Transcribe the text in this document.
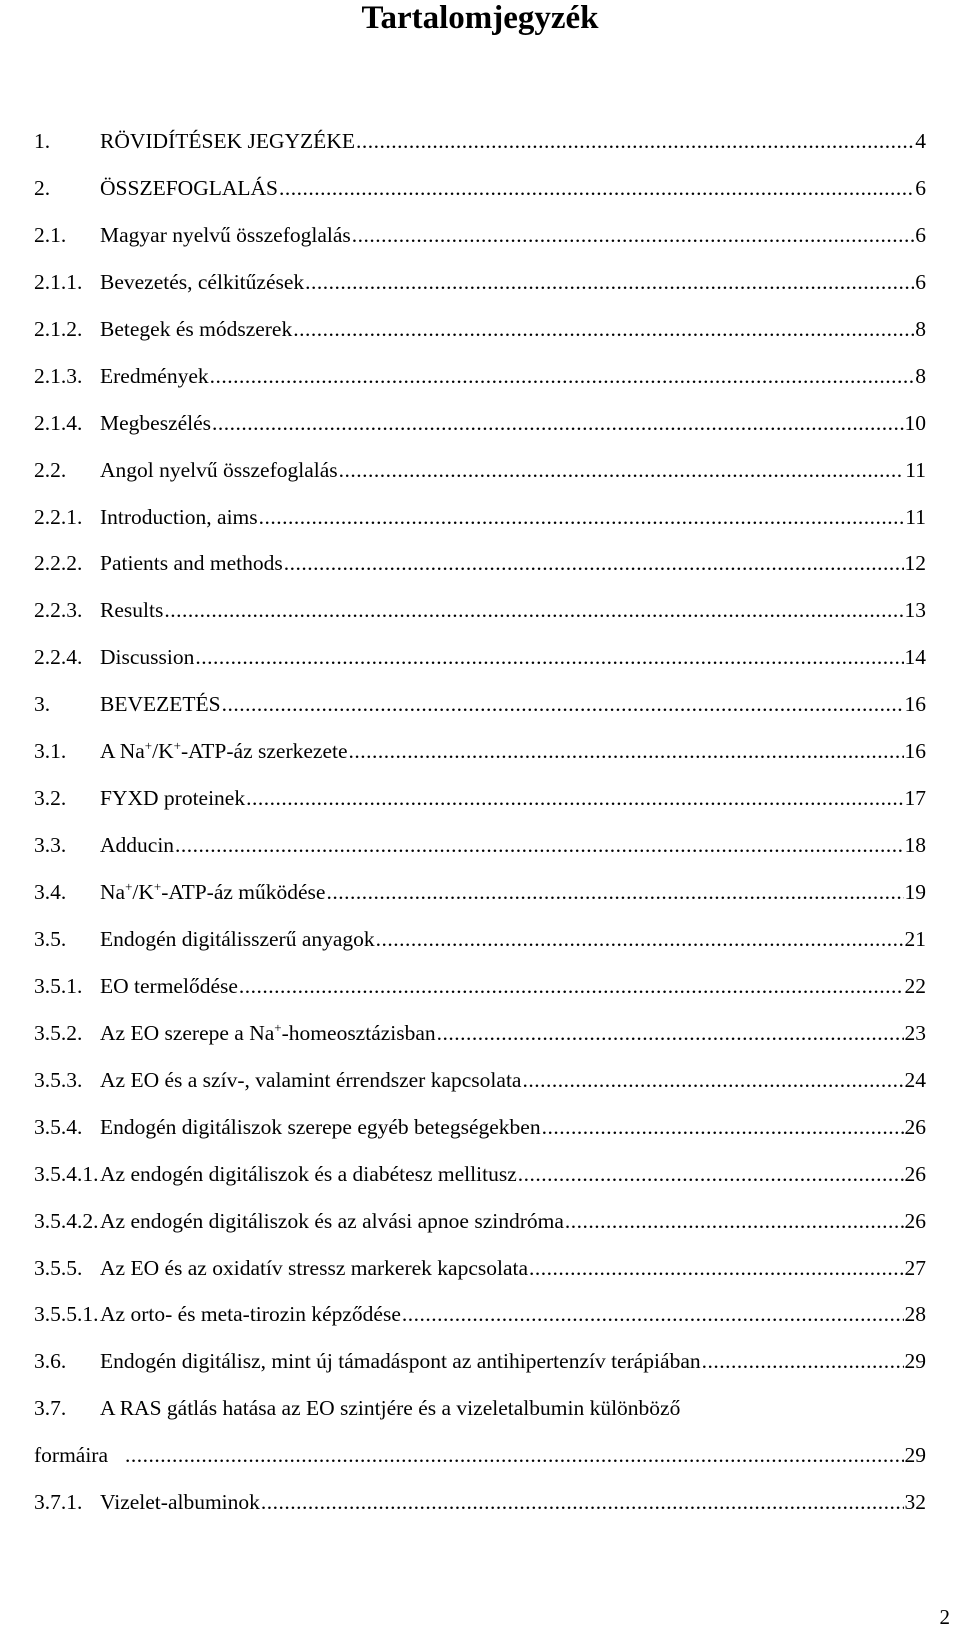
Tartalomjegyzék
1. RÖVIDÍTÉSEK JEGYZÉKE .....	4
2. ÖSSZEFOGLALÁS .....	6
2.1. Magyar nyelvű összefoglalás .....	6
2.1.1. Bevezetés, célkitűzések .....	6
2.1.2. Betegek és módszerek .....	8
2.1.3. Eredmények .....	8
2.1.4. Megbeszélés .....	10
2.2. Angol nyelvű összefoglalás .....	11
2.2.1. Introduction, aims .....	11
2.2.2. Patients and methods .....	12
2.2.3. Results .....	13
2.2.4. Discussion .....	14
3. BEVEZETÉS .....	16
3.1. A Na+/K+-ATP-áz szerkezete .....	16
3.2. FYXD proteinek .....	17
3.3. Adducin .....	18
3.4. Na+/K+-ATP-áz működése .....	19
3.5. Endogén digitálisszerű anyagok .....	21
3.5.1. EO termelődése .....	22
3.5.2. Az EO szerepe a Na+-homeosztázisban .....	23
3.5.3. Az EO és a szív-, valamint érrendszer kapcsolata .....	24
3.5.4. Endogén digitáliszok szerepe egyéb betegségekben .....	26
3.5.4.1. Az endogén digitáliszok és a diabétesz mellitusz .....	26
3.5.4.2. Az endogén digitáliszok és az alvási apnoe szindróma .....	26
3.5.5. Az EO és az oxidatív stressz markerek kapcsolata .....	27
3.5.5.1. Az orto- és meta-tirozin képződése .....	28
3.6. Endogén digitálisz, mint új támadáspont az antihipertenzív terápiában .....	29
3.7. A RAS gátlás hatása az EO szintjére és a vizeletalbumin különböző
formáira .....	29
3.7.1. Vizelet-albuminok .....	32

2
